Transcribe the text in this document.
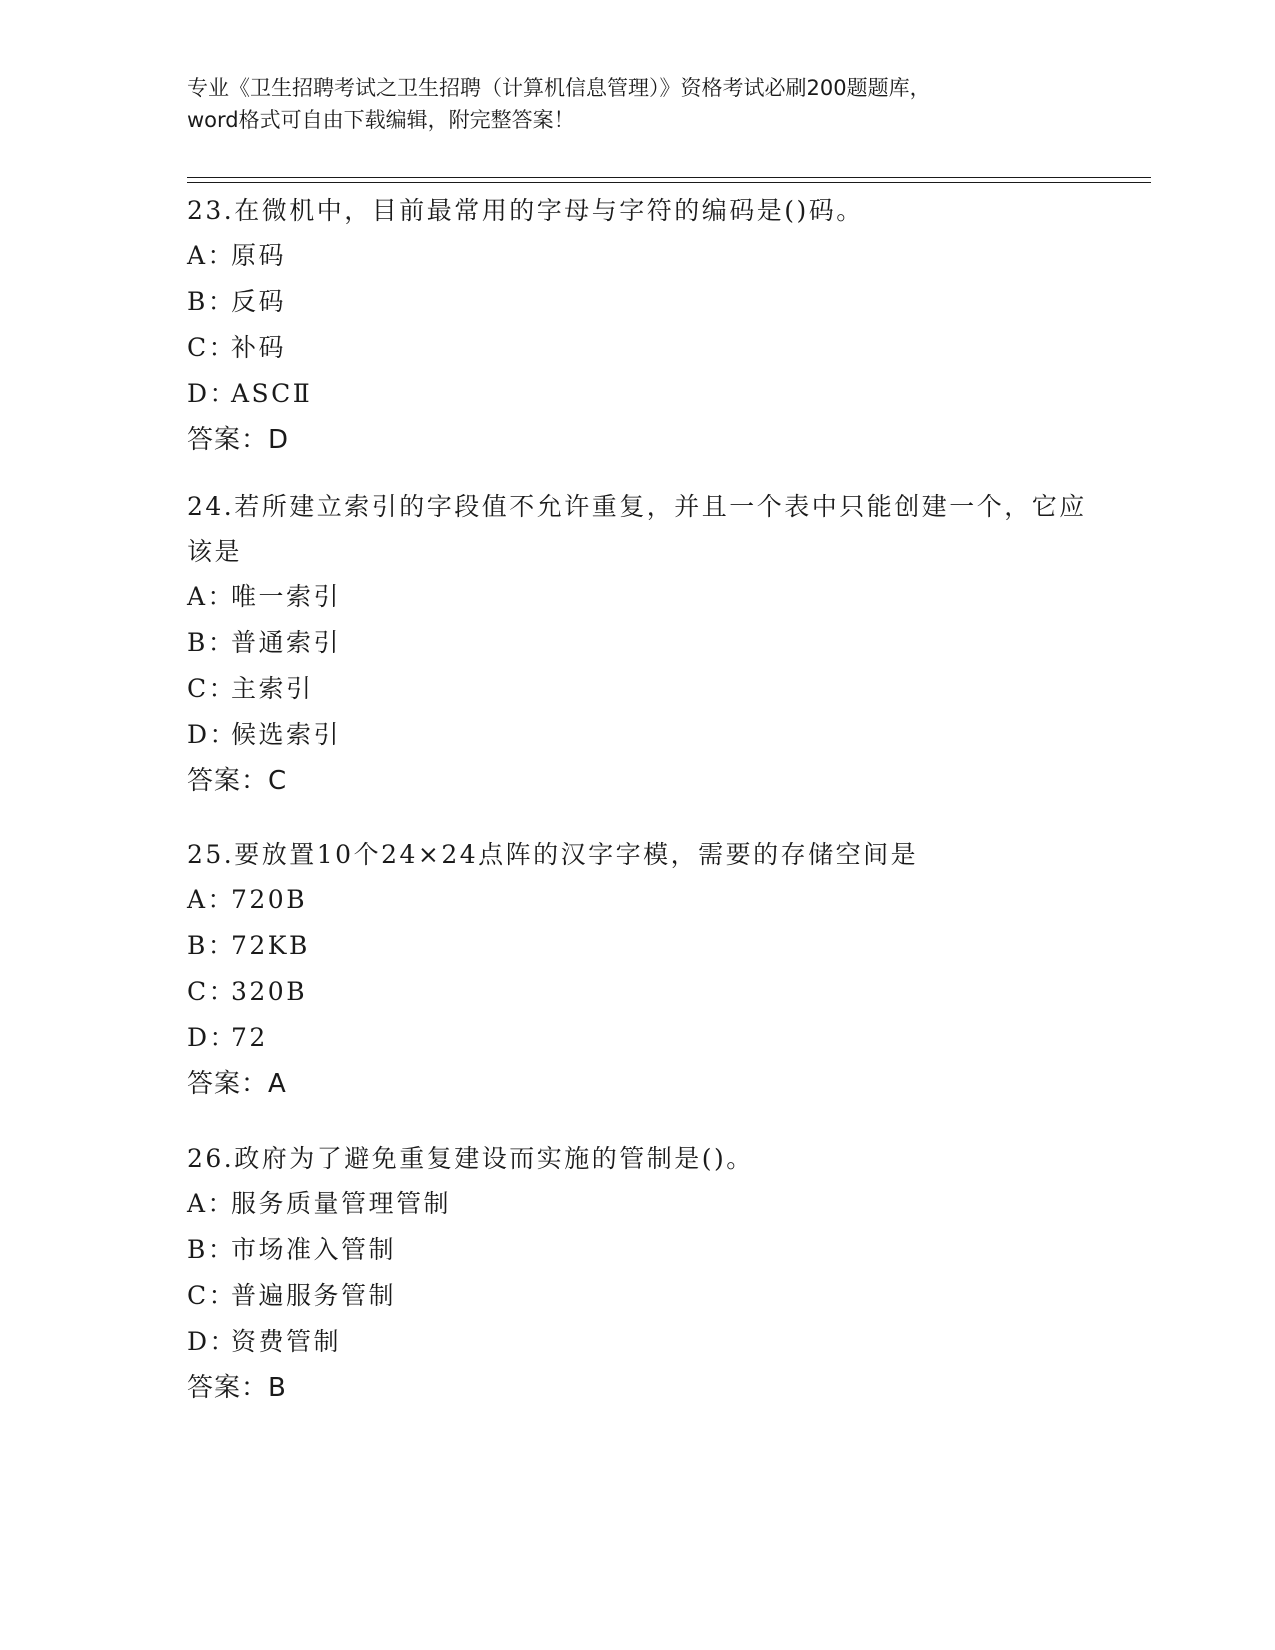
专业《卫生招聘考试之卫生招聘（计算机信息管理）》资格考试必刷200题题库，
word格式可自由下载编辑，附完整答案！
23.在微机中，目前最常用的字母与字符的编码是()码。
A：原码
B：反码
C：补码
D：ASCⅡ
答案：D
24.若所建立索引的字段值不允许重复，并且一个表中只能创建一个，它应该是
A：唯一索引
B：普通索引
C：主索引
D：候选索引
答案：C
25.要放置10个24×24点阵的汉字字模，需要的存储空间是
A：720B
B：72KB
C：320B
D：72
答案：A
26.政府为了避免重复建设而实施的管制是()。
A：服务质量管理管制
B：市场准入管制
C：普遍服务管制
D：资费管制
答案：B
